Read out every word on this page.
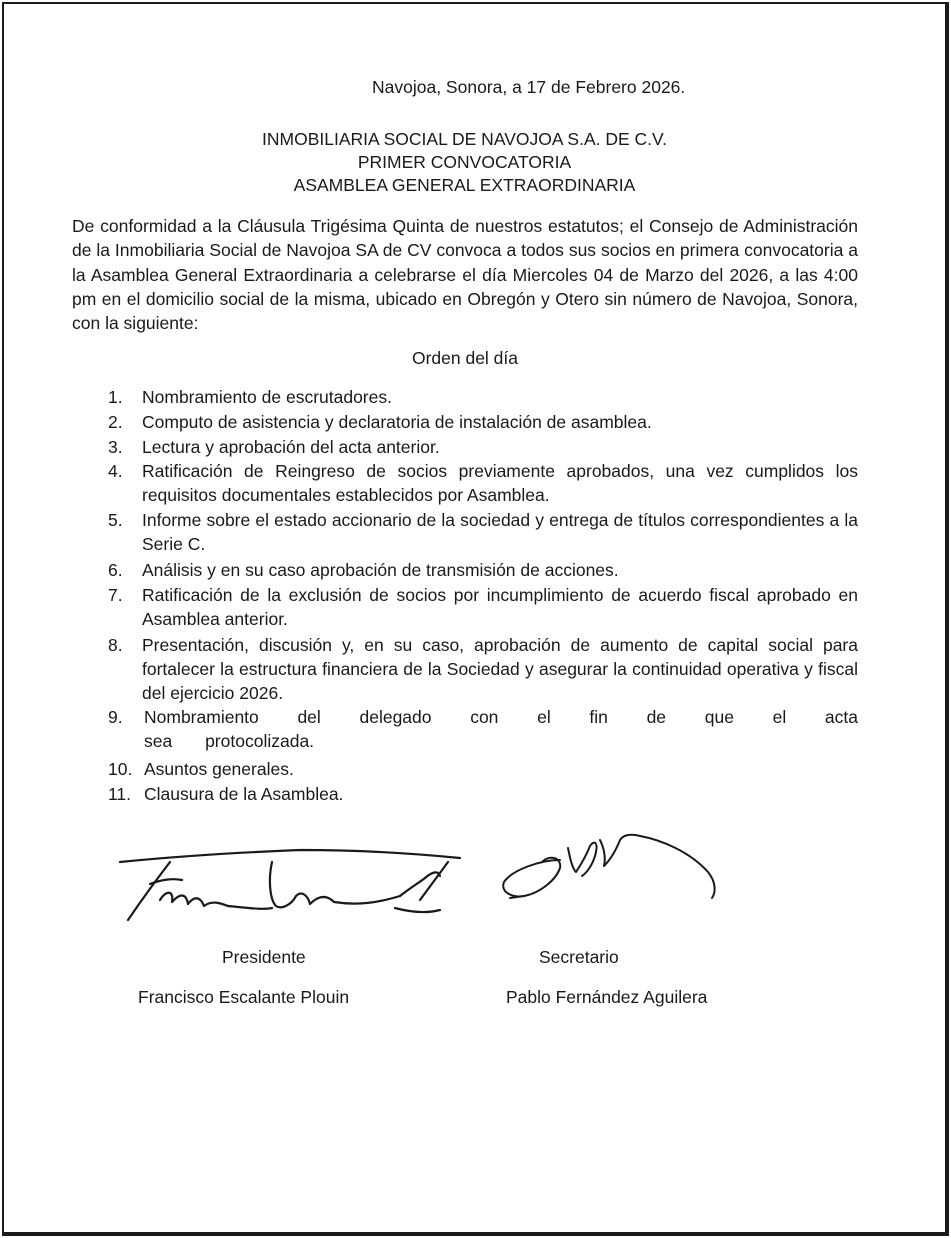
Navojoa, Sonora, a 17 de Febrero 2026.
INMOBILIARIA SOCIAL DE NAVOJOA S.A. DE C.V.
PRIMER CONVOCATORIA
ASAMBLEA GENERAL EXTRAORDINARIA
De conformidad a la Cláusula Trigésima Quinta de nuestros estatutos; el Consejo de Administración de la Inmobiliaria Social de Navojoa SA de CV convoca a todos sus socios en primera convocatoria a la Asamblea General Extraordinaria a celebrarse el día Miercoles 04 de Marzo del 2026, a las 4:00 pm en el domicilio social de la misma, ubicado en Obregón y Otero sin número de Navojoa, Sonora, con la siguiente:
Orden del día
1. Nombramiento de escrutadores.
2. Computo de asistencia y declaratoria de instalación de asamblea.
3. Lectura y aprobación del acta anterior.
4. Ratificación de Reingreso de socios previamente aprobados, una vez cumplidos los requisitos documentales establecidos por Asamblea.
5. Informe sobre el estado accionario de la sociedad y entrega de títulos correspondientes a la Serie C.
6. Análisis y en su caso aprobación de transmisión de acciones.
7. Ratificación de la exclusión de socios por incumplimiento de acuerdo fiscal aprobado en Asamblea anterior.
8. Presentación, discusión y, en su caso, aprobación de aumento de capital social para fortalecer la estructura financiera de la Sociedad y asegurar la continuidad operativa y fiscal del ejercicio 2026.
9. Nombramiento del delegado con el fin de que el acta sea protocolizada.
10. Asuntos generales.
11. Clausura de la Asamblea.
Presidente	Secretario
Francisco Escalante Plouin	Pablo Fernández Aguilera
